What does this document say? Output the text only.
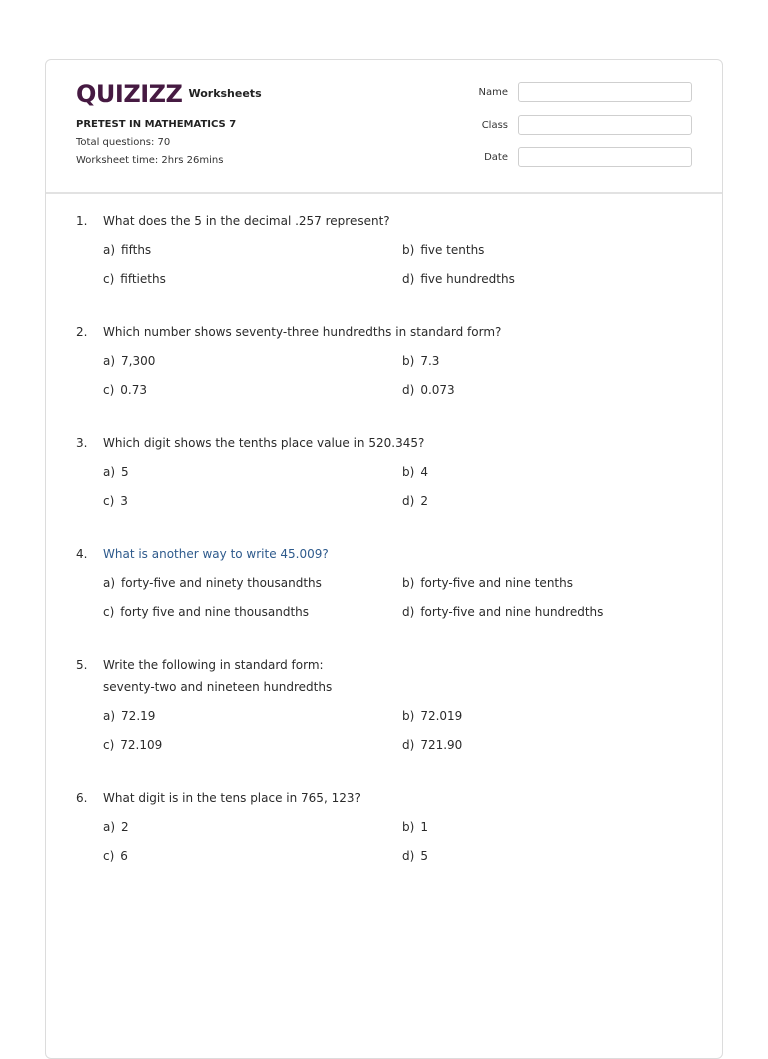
QUIZIZZ Worksheets
PRETEST IN MATHEMATICS 7
Total questions: 70
Worksheet time: 2hrs 26mins
Name
Class
Date
1.	What does the 5 in the decimal .257 represent?
a) fifths	b) five tenths
c) fiftieths	d) five hundredths
2.	Which number shows seventy-three hundredths in standard form?
a) 7,300	b) 7.3
c) 0.73	d) 0.073
3.	Which digit shows the tenths place value in 520.345?
a) 5	b) 4
c) 3	d) 2
4.	What is another way to write 45.009?
a) forty-five and ninety thousandths	b) forty-five and nine tenths
c) forty five and nine thousandths	d) forty-five and nine hundredths
5.	Write the following in standard form:
seventy-two and nineteen hundredths
a) 72.19	b) 72.019
c) 72.109	d) 721.90
6.	What digit is in the tens place in 765, 123?
a) 2	b) 1
c) 6	d) 5
